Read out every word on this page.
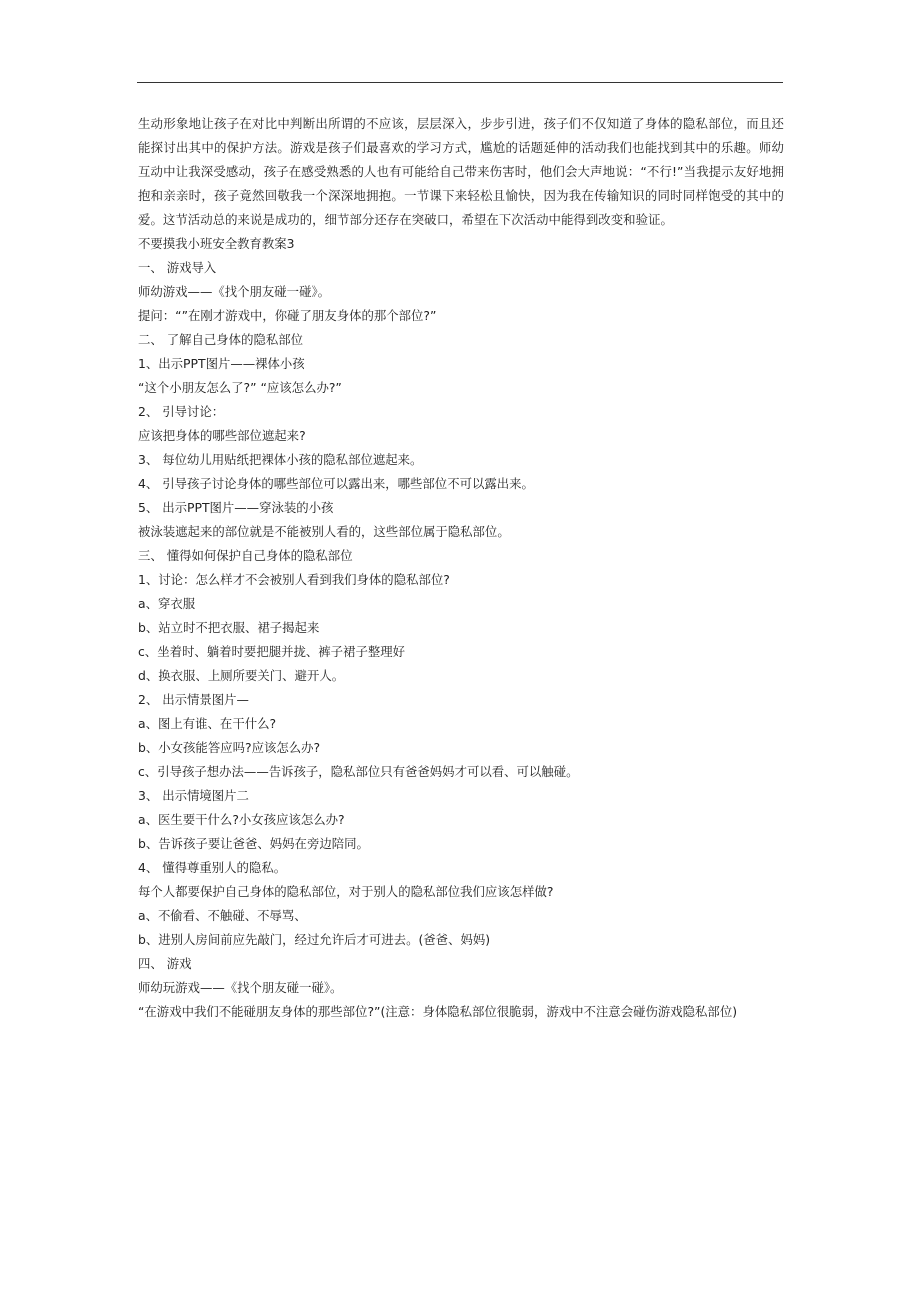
生动形象地让孩子在对比中判断出所谓的不应该，层层深入，步步引进，孩子们不仅知道了身体的隐私部位，而且还能探讨出其中的保护方法。游戏是孩子们最喜欢的学习方式，尴尬的话题延伸的活动我们也能找到其中的乐趣。师幼互动中让我深受感动，孩子在感受熟悉的人也有可能给自己带来伤害时，他们会大声地说：“不行!”当我提示友好地拥抱和亲亲时，孩子竟然回敬我一个深深地拥抱。一节课下来轻松且愉快，因为我在传输知识的同时同样饱受的其中的爱。这节活动总的来说是成功的，细节部分还存在突破口，希望在下次活动中能得到改变和验证。

不要摸我小班安全教育教案3

一、 游戏导入

师幼游戏——《找个朋友碰一碰》。

提问：“”在刚才游戏中，你碰了朋友身体的那个部位?”

二、 了解自己身体的隐私部位

1、出示PPT图片——裸体小孩

“这个小朋友怎么了?” “应该怎么办?”

2、 引导讨论：

应该把身体的哪些部位遮起来?

3、 每位幼儿用贴纸把裸体小孩的隐私部位遮起来。

4、 引导孩子讨论身体的哪些部位可以露出来，哪些部位不可以露出来。

5、 出示PPT图片——穿泳装的小孩

被泳装遮起来的部位就是不能被别人看的，这些部位属于隐私部位。

三、 懂得如何保护自己身体的隐私部位

1、讨论：怎么样才不会被别人看到我们身体的隐私部位?

a、穿衣服

b、站立时不把衣服、裙子揭起来

c、坐着时、躺着时要把腿并拢、裤子裙子整理好

d、换衣服、上厕所要关门、避开人。

2、 出示情景图片—

a、图上有谁、在干什么?

b、小女孩能答应吗?应该怎么办?

c、引导孩子想办法——告诉孩子，隐私部位只有爸爸妈妈才可以看、可以触碰。

3、 出示情境图片二

a、医生要干什么?小女孩应该怎么办?

b、告诉孩子要让爸爸、妈妈在旁边陪同。

4、 懂得尊重别人的隐私。

每个人都要保护自己身体的隐私部位，对于别人的隐私部位我们应该怎样做?

a、不偷看、不触碰、不辱骂、

b、进别人房间前应先敲门，经过允许后才可进去。(爸爸、妈妈)

四、 游戏

师幼玩游戏——《找个朋友碰一碰》。

“在游戏中我们不能碰朋友身体的那些部位?”(注意：身体隐私部位很脆弱，游戏中不注意会碰伤游戏隐私部位)
